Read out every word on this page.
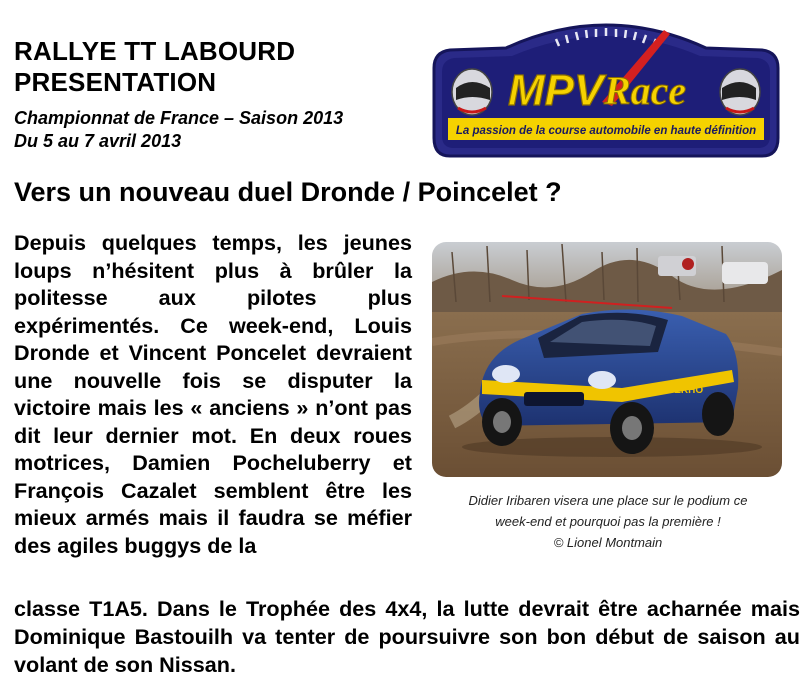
RALLYE TT LABOURD
PRESENTATION
Championnat de France – Saison 2013
Du 5 au 7 avril 2013
MPV Race
La passion de la course automobile en haute définition
Vers un nouveau duel Dronde / Poincelet ?

Depuis quelques temps, les jeunes loups n’hésitent plus à brûler la politesse aux pilotes plus expérimentés. Ce week-end, Louis Dronde et Vincent Poncelet devraient une nouvelle fois se disputer la victoire mais les « anciens » n’ont pas dit leur dernier mot. En deux roues motrices, Damien Pocheluberry et François Cazalet semblent être les mieux armés mais il faudra se méfier des agiles buggys de la

BERHO
Didier Iribaren visera une place sur le podium ce
week-end et pourquoi pas la première !
© Lionel Montmain

classe T1A5. Dans le Trophée des 4x4, la lutte devrait être acharnée mais Dominique Bastouilh va tenter de poursuivre son bon début de saison au volant de son Nissan.
